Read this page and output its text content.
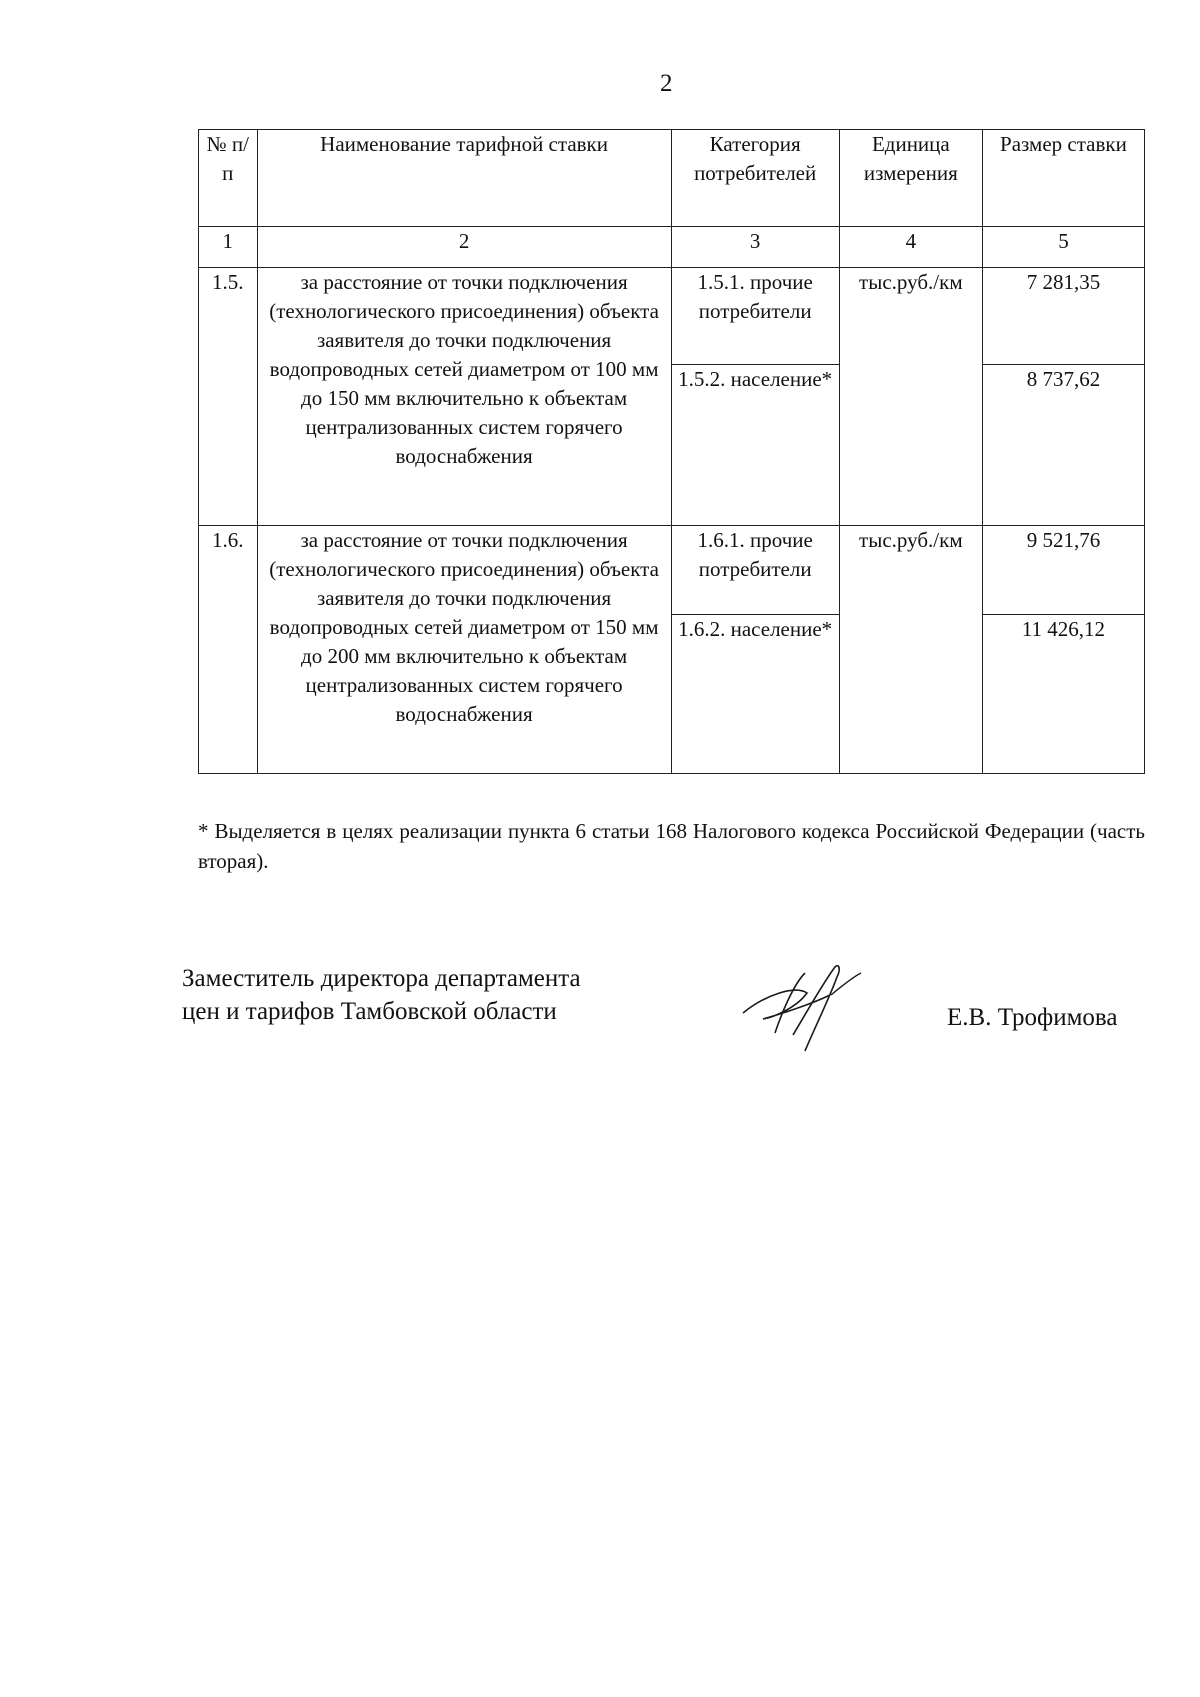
2
№ п/п	Наименование тарифной ставки	Категория потребителей	Единица измерения	Размер ставки
1	2	3	4	5
1.5.	за расстояние от точки подключения (технологического присоединения) объекта заявителя до точки подключения водопроводных сетей диаметром от 100 мм до 150 мм включительно к объектам централизованных систем горячего водоснабжения	1.5.1. прочие потребители	тыс.руб./км	7 281,35
		1.5.2. население*		8 737,62
1.6.	за расстояние от точки подключения (технологического присоединения) объекта заявителя до точки подключения водопроводных сетей диаметром от 150 мм до 200 мм включительно к объектам централизованных систем горячего водоснабжения	1.6.1. прочие потребители	тыс.руб./км	9 521,76
		1.6.2. население*		11 426,12
* Выделяется в целях реализации пункта 6 статьи 168 Налогового кодекса Российской Федерации (часть вторая).
Заместитель директора департамента
цен и тарифов Тамбовской области	Е.В. Трофимова
